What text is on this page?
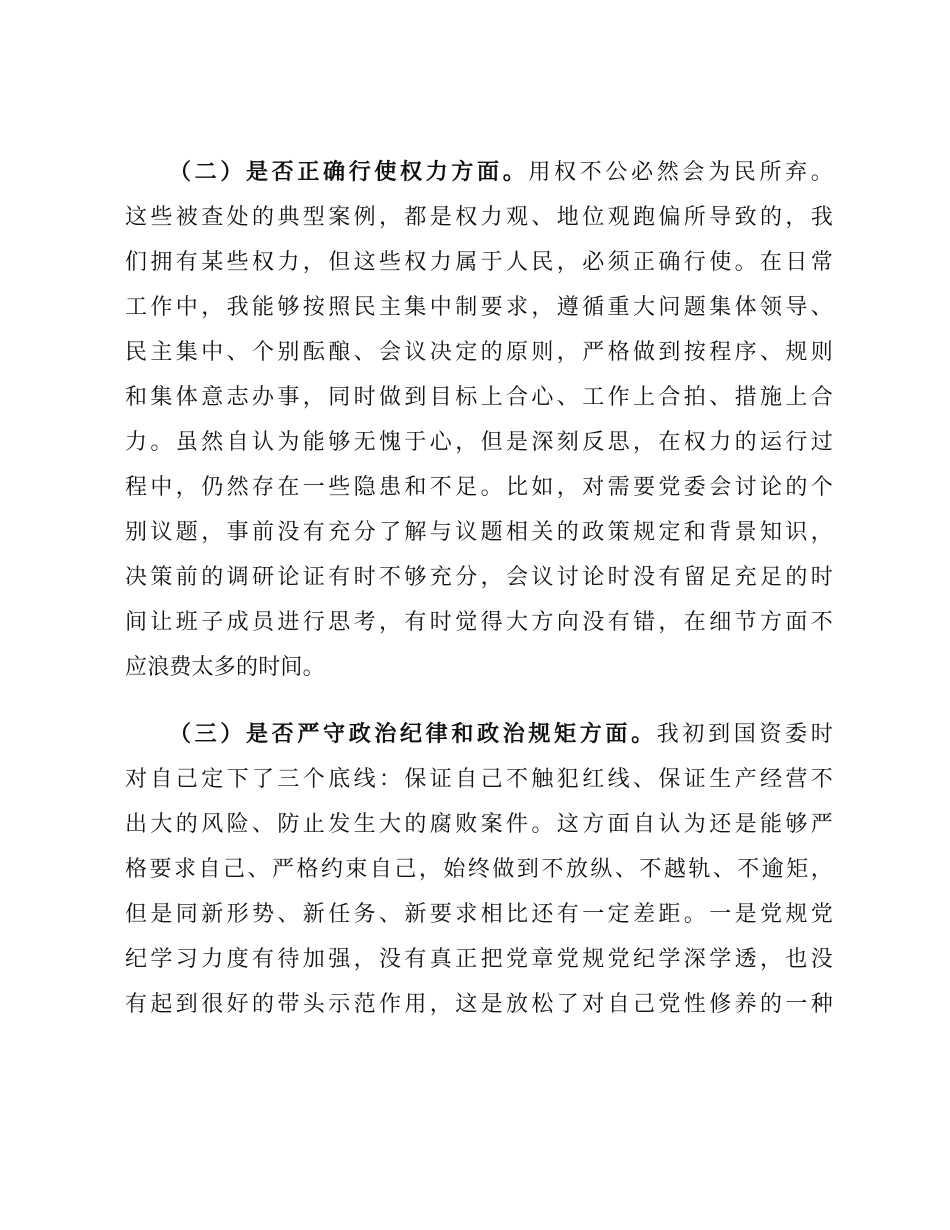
（二）是否正确行使权力方面。用权不公必然会为民所弃。
这些被查处的典型案例，都是权力观、地位观跑偏所导致的，我
们拥有某些权力，但这些权力属于人民，必须正确行使。在日常
工作中，我能够按照民主集中制要求，遵循重大问题集体领导、
民主集中、个别酝酿、会议决定的原则，严格做到按程序、规则
和集体意志办事，同时做到目标上合心、工作上合拍、措施上合
力。虽然自认为能够无愧于心，但是深刻反思，在权力的运行过
程中，仍然存在一些隐患和不足。比如，对需要党委会讨论的个
别议题，事前没有充分了解与议题相关的政策规定和背景知识，
决策前的调研论证有时不够充分，会议讨论时没有留足充足的时
间让班子成员进行思考，有时觉得大方向没有错，在细节方面不
应浪费太多的时间。
（三）是否严守政治纪律和政治规矩方面。我初到国资委时
对自己定下了三个底线：保证自己不触犯红线、保证生产经营不
出大的风险、防止发生大的腐败案件。这方面自认为还是能够严
格要求自己、严格约束自己，始终做到不放纵、不越轨、不逾矩，
但是同新形势、新任务、新要求相比还有一定差距。一是党规党
纪学习力度有待加强，没有真正把党章党规党纪学深学透，也没
有起到很好的带头示范作用，这是放松了对自己党性修养的一种
